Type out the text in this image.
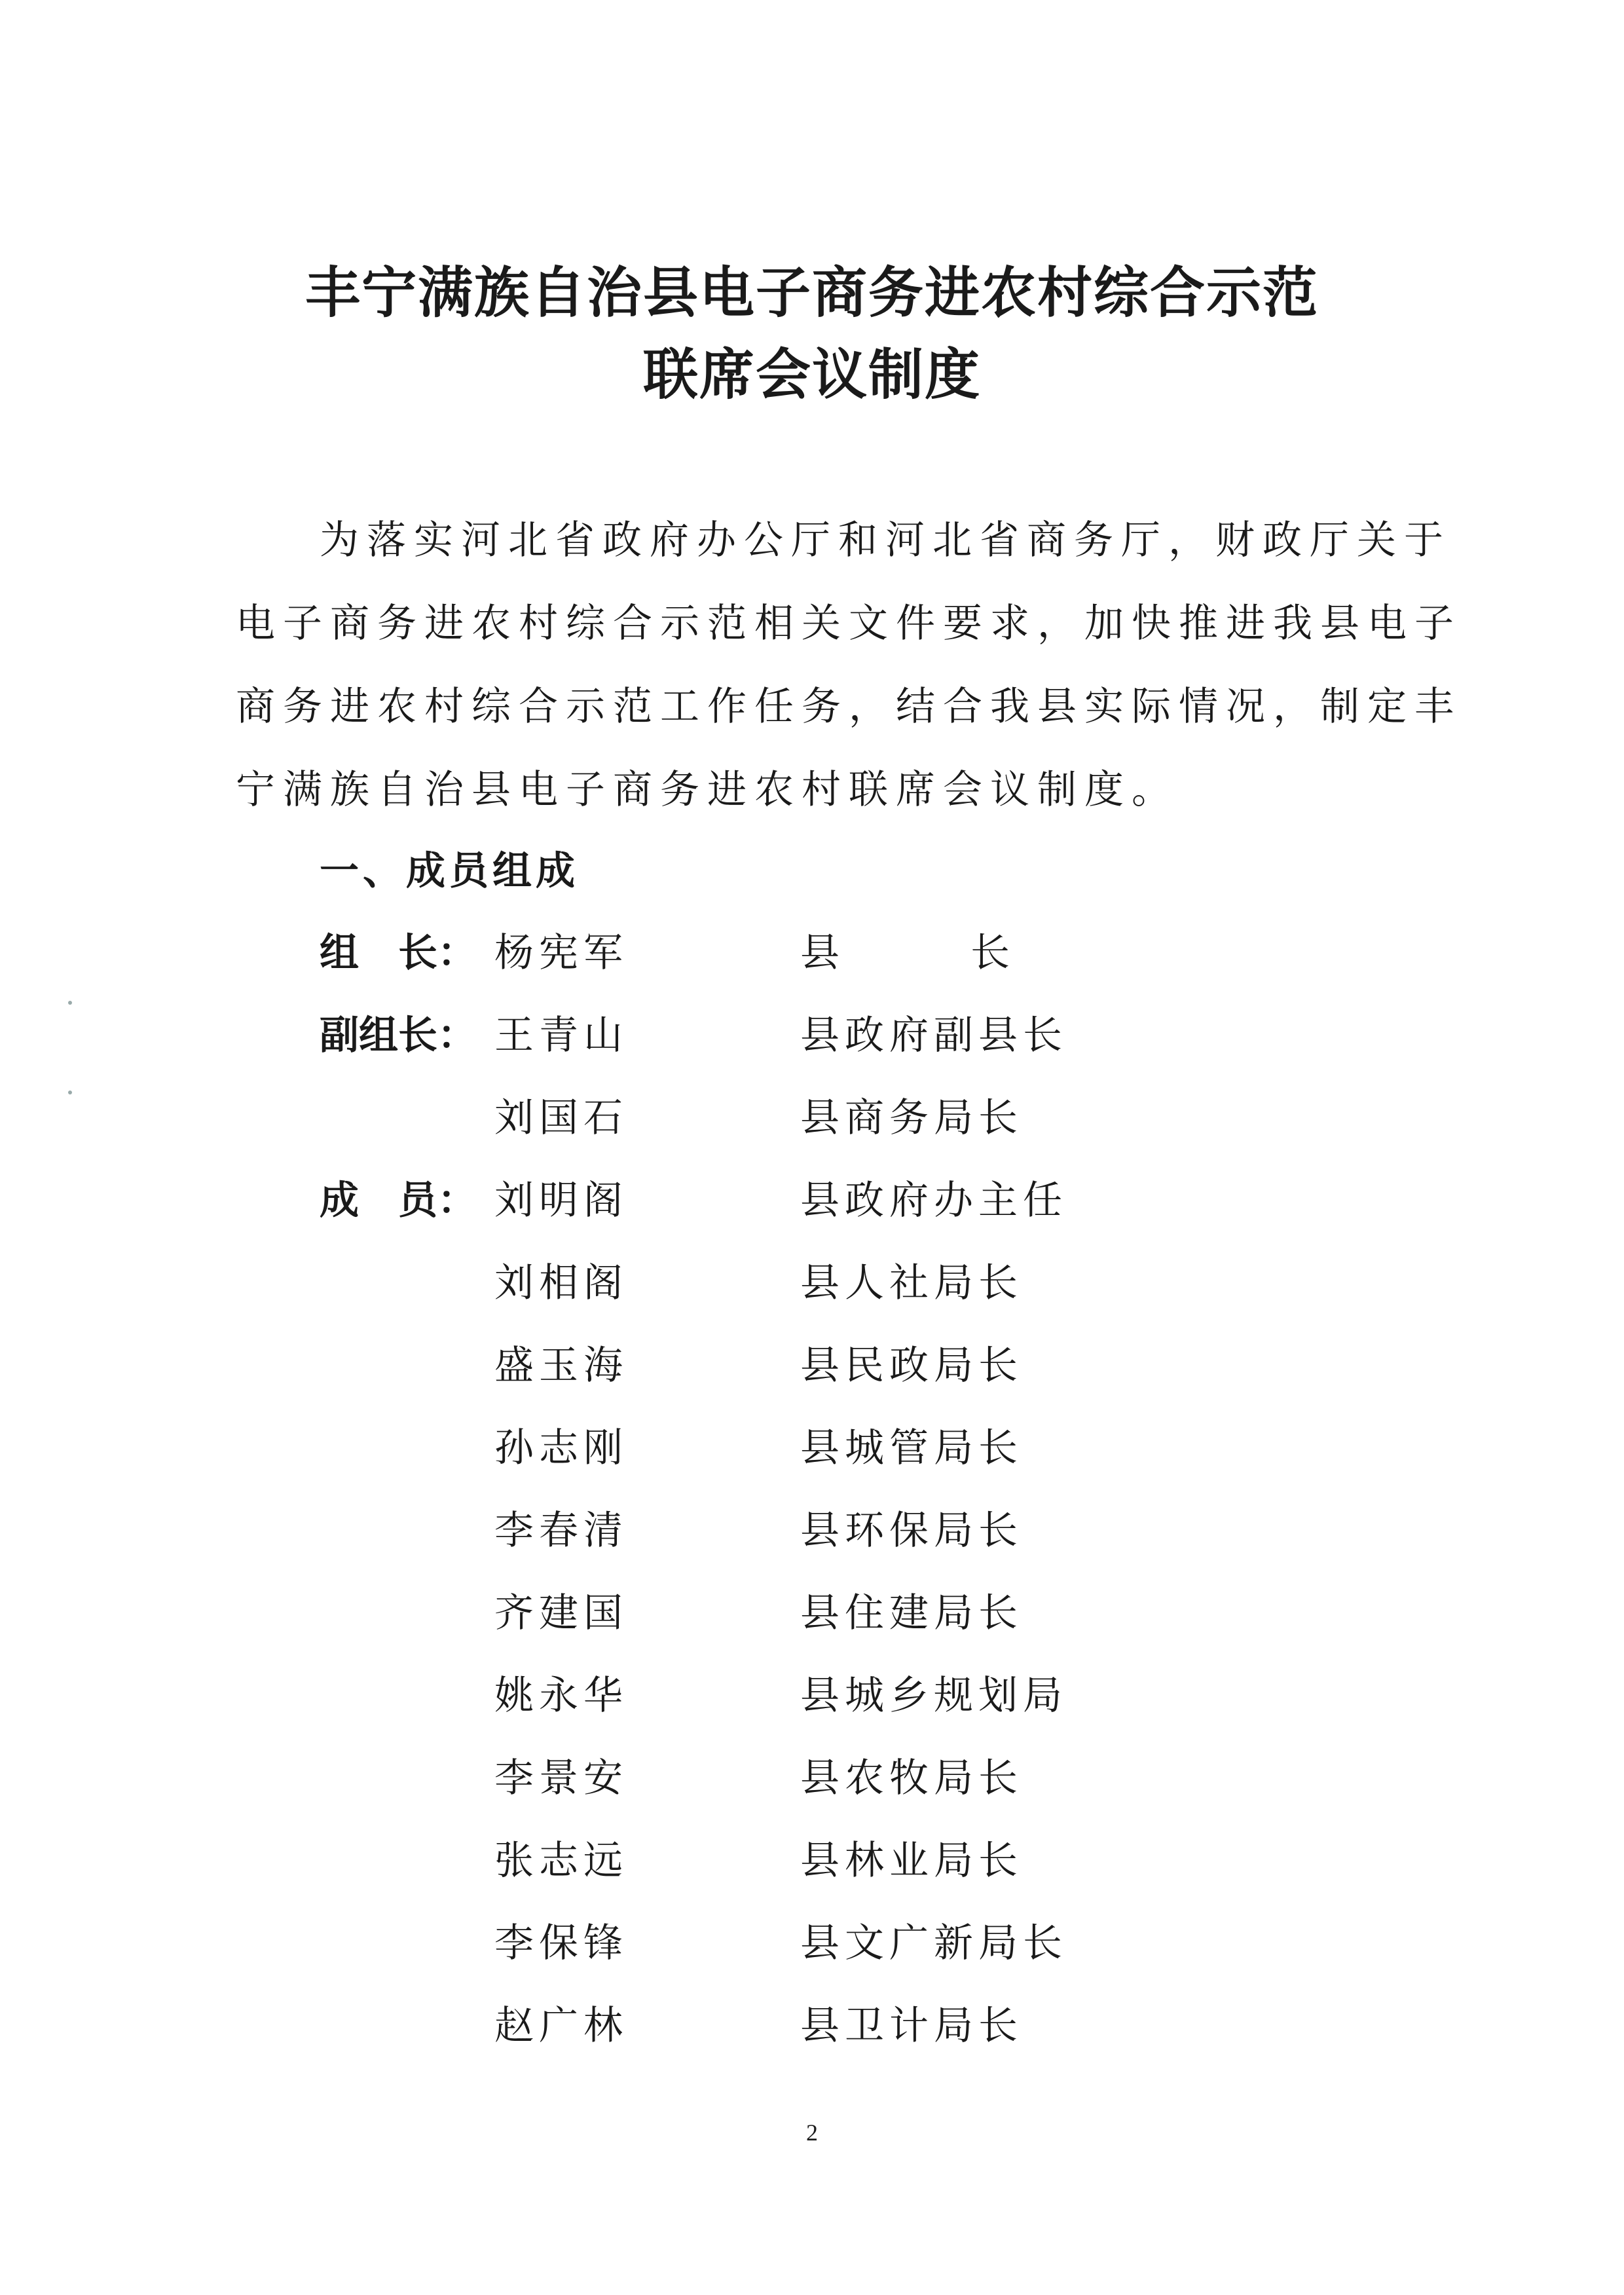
丰宁满族自治县电子商务进农村综合示范
联席会议制度
为落实河北省政府办公厅和河北省商务厅，财政厅关于
电子商务进农村综合示范相关文件要求，加快推进我县电子
商务进农村综合示范工作任务，结合我县实际情况，制定丰
宁满族自治县电子商务进农村联席会议制度。
一、成员组成
组　长： 杨宪军	县长
副组长： 王青山	县政府副县长
刘国石	县商务局长
成　员： 刘明阁	县政府办主任
刘相阁	县人社局长
盛玉海	县民政局长
孙志刚	县城管局长
李春清	县环保局长
齐建国	县住建局长
姚永华	县城乡规划局
李景安	县农牧局长
张志远	县林业局长
李保锋	县文广新局长
赵广林	县卫计局长
2
